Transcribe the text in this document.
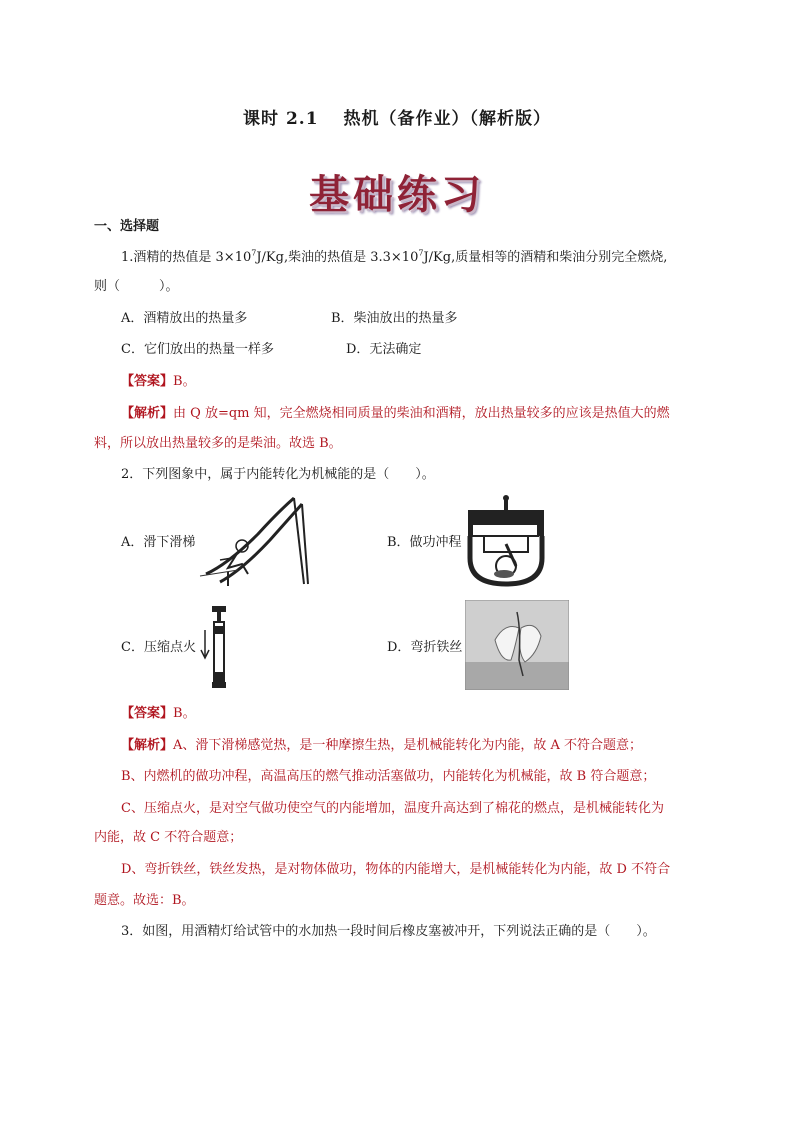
课时 2.1　 热机（备作业）（解析版）
基础练习
一、选择题
1.酒精的热值是 $3\times 10^7J/Kg$,柴油的热值是 $3.3\times 10^7J/Kg$,质量相等的酒精和柴油分别完全燃烧,
则（　　　）。
A．酒精放出的热量多	B．柴油放出的热量多
C．它们放出的热量一样多	D．无法确定
【答案】B。
【解析】由 Q 放=qm 知，完全燃烧相同质量的柴油和酒精，放出热量较多的应该是热值大的燃
料，所以放出热量较多的是柴油。故选 B。
2．下列图象中，属于内能转化为机械能的是（　　）。
A．滑下滑梯	B．做功冲程
C．压缩点火	D．弯折铁丝
【答案】B。
【解析】A、滑下滑梯感觉热，是一种摩擦生热，是机械能转化为内能，故 A 不符合题意；
B、内燃机的做功冲程，高温高压的燃气推动活塞做功，内能转化为机械能，故 B 符合题意；
C、压缩点火，是对空气做功使空气的内能增加，温度升高达到了棉花的燃点，是机械能转化为
内能，故 C 不符合题意；
D、弯折铁丝，铁丝发热，是对物体做功，物体的内能增大，是机械能转化为内能，故 D 不符合
题意。故选：B。
3．如图，用酒精灯给试管中的水加热一段时间后橡皮塞被冲开，下列说法正确的是（　　）。
